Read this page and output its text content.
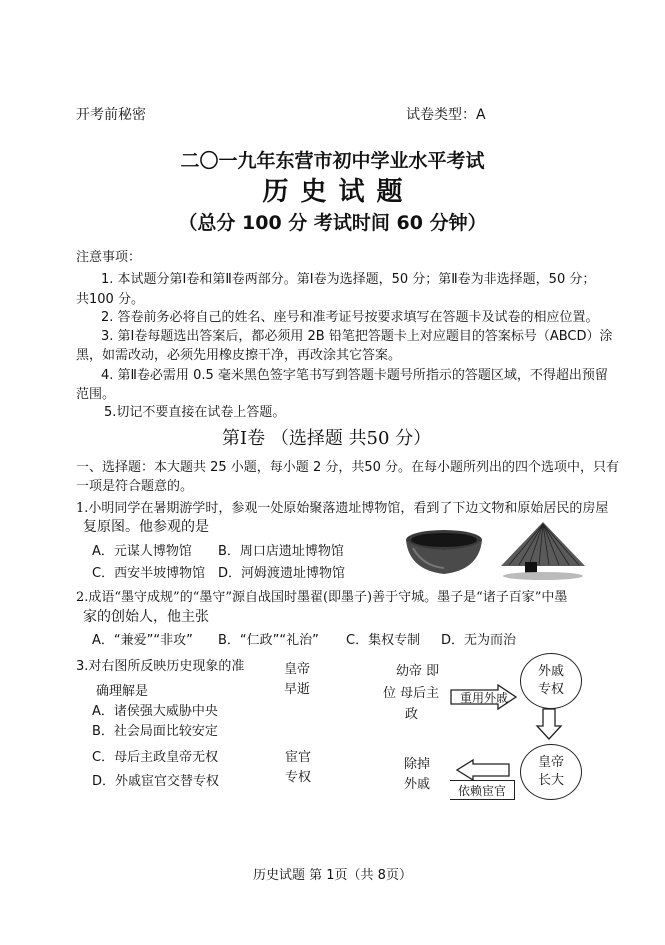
开考前秘密	试卷类型：A
二〇一九年东营市初中学业水平考试
历史试题
（总分 100 分 考试时间 60 分钟）
注意事项：
1. 本试题分第Ⅰ卷和第Ⅱ卷两部分。第Ⅰ卷为选择题，50 分；第Ⅱ卷为非选择题，50 分；
共100 分。
2. 答卷前务必将自己的姓名、座号和准考证号按要求填写在答题卡及试卷的相应位置。
3. 第Ⅰ卷每题选出答案后，都必须用 2B 铅笔把答题卡上对应题目的答案标号（ABCD）涂
黑，如需改动，必须先用橡皮擦干净，再改涂其它答案。
4. 第Ⅱ卷必需用 0.5 毫米黑色签字笔书写到答题卡题号所指示的答题区域，不得超出预留
范围。
5.切记不要直接在试卷上答题。
第Ⅰ卷 （选择题 共50 分）
一、选择题：本大题共 25 小题，每小题 2 分，共50 分。在每小题所列出的四个选项中，只有
一项是符合题意的。
1.小明同学在暑期游学时，参观一处原始聚落遗址博物馆，看到了下边文物和原始居民的房屋
复原图。他参观的是
A．元谋人博物馆 B．周口店遗址博物馆
C．西安半坡博物馆 D．河姆渡遗址博物馆
2.成语“墨守成规”的“墨守”源自战国时墨翟(即墨子)善于守城。墨子是“诸子百家”中墨
家的创始人，他主张
A．“兼爱”“非攻” B．“仁政”“礼治” C．集权专制 D．无为而治
3.对右图所反映历史现象的准
确理解是
A．诸侯强大威胁中央
B．社会局面比较安定
C．母后主政皇帝无权
D．外戚宦官交替专权
皇帝
早逝
幼帝 即
位 母后主
政
重用外戚
外戚
专权
皇帝
长大
依赖宦官
宦官
专权
除掉
外戚
历史试题 第 1页（共 8页）
